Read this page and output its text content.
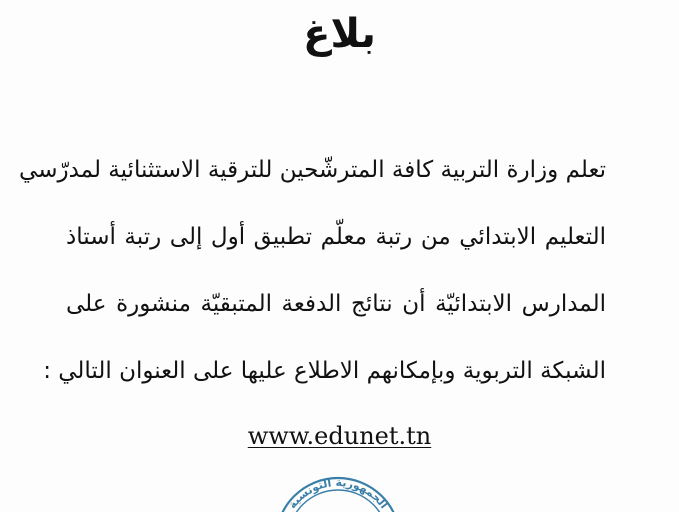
بلاغ
تعلم وزارة التربية كافة المترشّحين للترقية الاستثنائية لمدرّسي
التعليم الابتدائي من رتبة معلّم تطبيق أول إلى رتبة أستاذ
المدارس الابتدائيّة أن نتائج الدفعة المتبقيّة منشورة على
الشبكة التربوية وبإمكانهم الاطلاع عليها على العنوان التالي :
www.edunet.tn
الجمهورية التونسية
